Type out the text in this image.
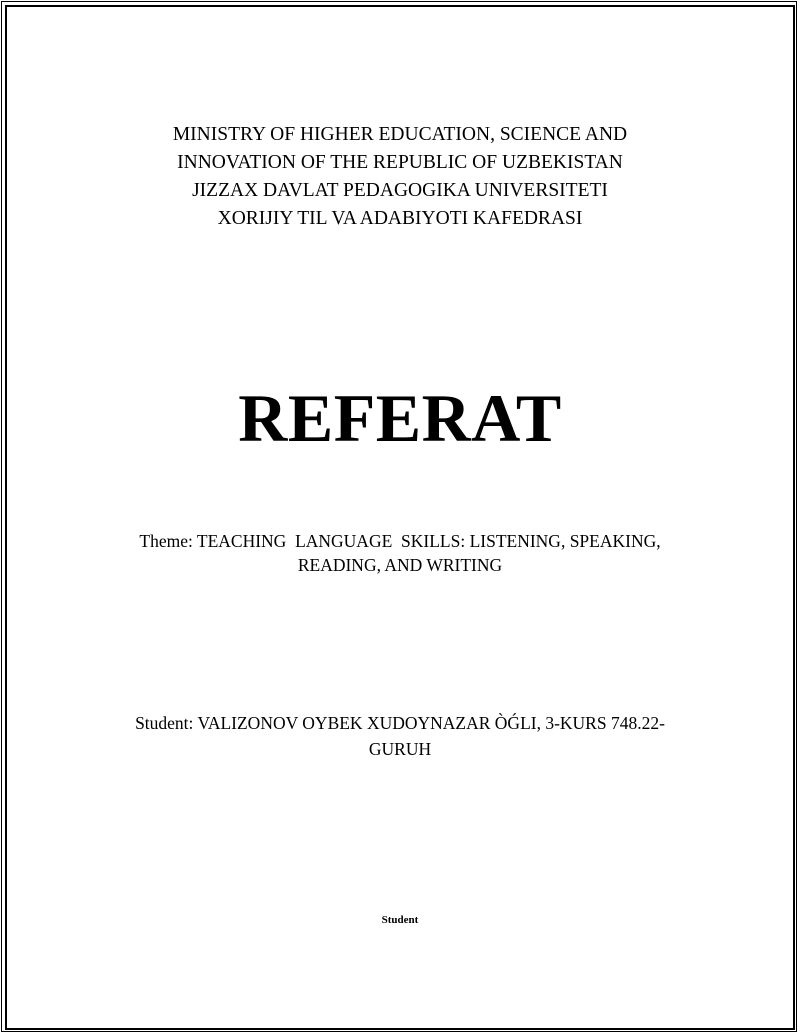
MINISTRY OF HIGHER EDUCATION, SCIENCE AND
INNOVATION OF THE REPUBLIC OF UZBEKISTAN
JIZZAX DAVLAT PEDAGOGIKA UNIVERSITETI
XORIJIY TIL VA ADABIYOTI KAFEDRASI
REFERAT
Theme: TEACHING  LANGUAGE  SKILLS: LISTENING, SPEAKING,
READING, AND WRITING
Student: VALIZONOV OYBEK XUDOYNAZAR ÒǴLI, 3-KURS 748.22-
GURUH
Student
